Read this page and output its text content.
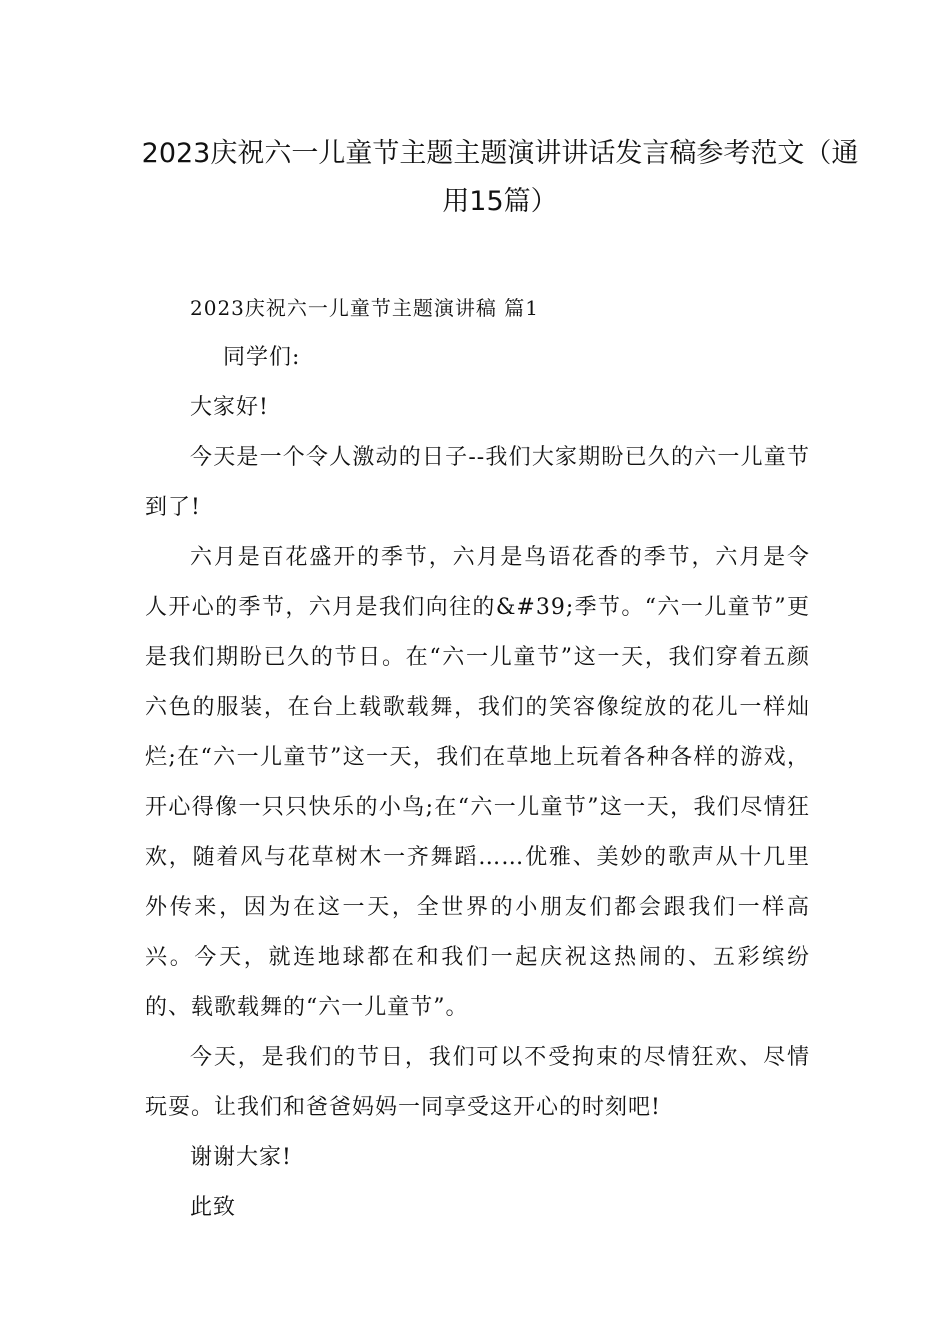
2023庆祝六一儿童节主题主题演讲讲话发言稿参考范文（通用15篇）

2023庆祝六一儿童节主题演讲稿 篇1

同学们:

大家好!

今天是一个令人激动的日子--我们大家期盼已久的六一儿童节到了!

六月是百花盛开的季节，六月是鸟语花香的季节，六月是令人开心的季节，六月是我们向往的&#39;季节。“六一儿童节”更是我们期盼已久的节日。在“六一儿童节”这一天，我们穿着五颜六色的服装，在台上载歌载舞，我们的笑容像绽放的花儿一样灿烂;在“六一儿童节”这一天，我们在草地上玩着各种各样的游戏，开心得像一只只快乐的小鸟;在“六一儿童节”这一天，我们尽情狂欢，随着风与花草树木一齐舞蹈……优雅、美妙的歌声从十几里外传来，因为在这一天，全世界的小朋友们都会跟我们一样高兴。今天，就连地球都在和我们一起庆祝这热闹的、五彩缤纷的、载歌载舞的“六一儿童节”。

今天，是我们的节日，我们可以不受拘束的尽情狂欢、尽情玩耍。让我们和爸爸妈妈一同享受这开心的时刻吧!

谢谢大家!

此致
